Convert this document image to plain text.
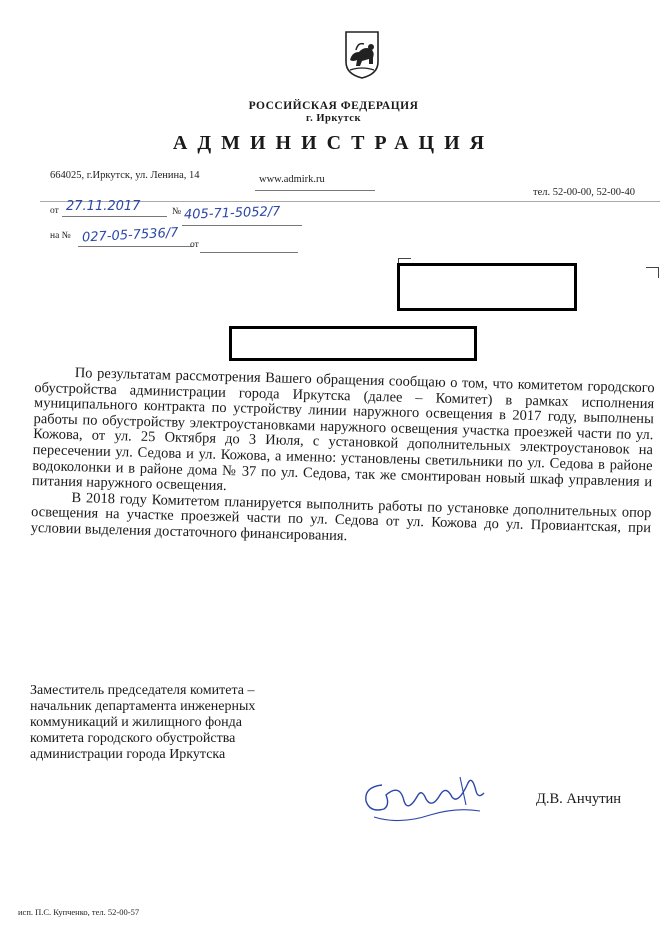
РОССИЙСКАЯ ФЕДЕРАЦИЯ
г. Иркутск
АДМИНИСТРАЦИЯ
664025, г.Иркутск, ул. Ленина, 14	www.admirk.ru
тел. 52-00-00, 52-00-40
от 27.11.2017	№ 405-71-5052/7
на № 027-05-7536/7 от

По результатам рассмотрения Вашего обращения сообщаю о том, что комитетом городского обустройства администрации города Иркутска (далее – Комитет) в рамках исполнения муниципального контракта по устройству линии наружного освещения в 2017 году, выполнены работы по обустройству электроустановками наружного освещения участка проезжей части по ул. Кожова, от ул. 25 Октября до 3 Июля, с установкой дополнительных электроустановок на пересечении ул. Седова и ул. Кожова, а именно: установлены светильники по ул. Седова в районе водоколонки и в районе дома № 37 по ул. Седова, так же смонтирован новый шкаф управления и питания наружного освещения.

В 2018 году Комитетом планируется выполнить работы по установке дополнительных опор освещения на участке проезжей части по ул. Седова от ул. Кожова до ул. Провиантская, при условии выделения достаточного финансирования.

Заместитель председателя комитета –
начальник департамента инженерных
коммуникаций и жилищного фонда
комитета городского обустройства
администрации города Иркутска
Д.В. Анчутин
исп. П.С. Купченко, тел. 52-00-57
